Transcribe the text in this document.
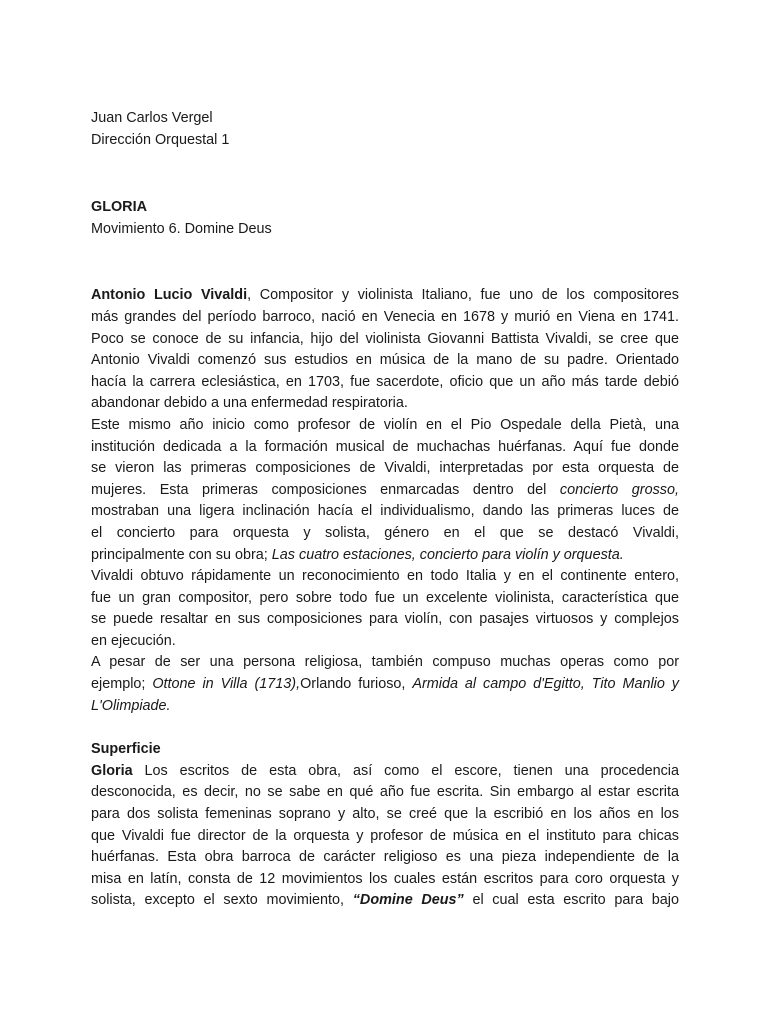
Juan Carlos Vergel
Dirección Orquestal 1
GLORIA
Movimiento 6. Domine Deus
Antonio Lucio Vivaldi, Compositor y violinista Italiano, fue uno de los compositores
más grandes del período barroco, nació en Venecia en 1678 y murió en Viena en 1741.
Poco se conoce de su infancia, hijo del violinista Giovanni Battista Vivaldi, se cree que
Antonio Vivaldi comenzó sus estudios en música de la mano de su padre. Orientado
hacía la carrera eclesiástica, en 1703, fue sacerdote, oficio que un año más tarde debió
abandonar debido a una enfermedad respiratoria.
Este mismo año inicio como profesor de violín en el Pio Ospedale della Pietà, una
institución dedicada a la formación musical de muchachas huérfanas. Aquí fue donde
se vieron las primeras composiciones de Vivaldi, interpretadas por esta orquesta de
mujeres. Esta primeras composiciones enmarcadas dentro del concierto grosso,
mostraban una ligera inclinación hacía el individualismo, dando las primeras luces de
el concierto para orquesta y solista, género en el que se destacó Vivaldi,
principalmente con su obra; Las cuatro estaciones, concierto para violín y orquesta.
Vivaldi obtuvo rápidamente un reconocimiento en todo Italia y en el continente entero,
fue un gran compositor, pero sobre todo fue un excelente violinista, característica que
se puede resaltar en sus composiciones para violín, con pasajes virtuosos y complejos
en ejecución.
A pesar de ser una persona religiosa, también compuso muchas operas como por
ejemplo; Ottone in Villa (1713),Orlando furioso, Armida al campo d'Egitto, Tito Manlio y
L'Olimpiade.
Superficie
Gloria Los escritos de esta obra, así como el escore, tienen una procedencia
desconocida, es decir, no se sabe en qué año fue escrita. Sin embargo al estar escrita
para dos solista femeninas soprano y alto, se creé que la escribió en los años en los
que Vivaldi fue director de la orquesta y profesor de música en el instituto para chicas
huérfanas. Esta obra barroca de carácter religioso es una pieza independiente de la
misa en latín, consta de 12 movimientos los cuales están escritos para coro orquesta y
solista, excepto el sexto movimiento, “Domine Deus” el cual esta escrito para bajo
